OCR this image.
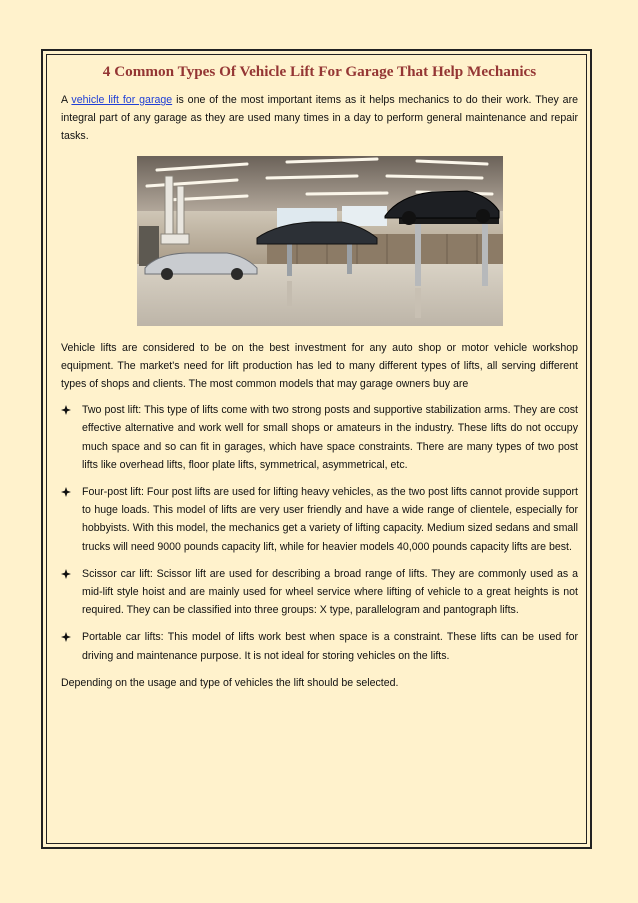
4 Common Types Of Vehicle Lift For Garage That Help Mechanics

A vehicle lift for garage is one of the most important items as it helps mechanics to do their work. They are integral part of any garage as they are used many times in a day to perform general maintenance and repair tasks.

Vehicle lifts are considered to be on the best investment for any auto shop or motor vehicle workshop equipment. The market's need for lift production has led to many different types of lifts, all serving different types of shops and clients. The most common models that may garage owners buy are

Two post lift: This type of lifts come with two strong posts and supportive stabilization arms. They are cost effective alternative and work well for small shops or amateurs in the industry. These lifts do not occupy much space and so can fit in garages, which have space constraints. There are many types of two post lifts like overhead lifts, floor plate lifts, symmetrical, asymmetrical, etc.
Four-post lift: Four post lifts are used for lifting heavy vehicles, as the two post lifts cannot provide support to huge loads. This model of lifts are very user friendly and have a wide range of clientele, especially for hobbyists. With this model, the mechanics get a variety of lifting capacity. Medium sized sedans and small trucks will need 9000 pounds capacity lift, while for heavier models 40,000 pounds capacity lifts are best.
Scissor car lift: Scissor lift are used for describing a broad range of lifts. They are commonly used as a mid-lift style hoist and are mainly used for wheel service where lifting of vehicle to a great heights is not required. They can be classified into three groups: X type, parallelogram and pantograph lifts.
Portable car lifts: This model of lifts work best when space is a constraint. These lifts can be used for driving and maintenance purpose. It is not ideal for storing vehicles on the lifts.

Depending on the usage and type of vehicles the lift should be selected.
